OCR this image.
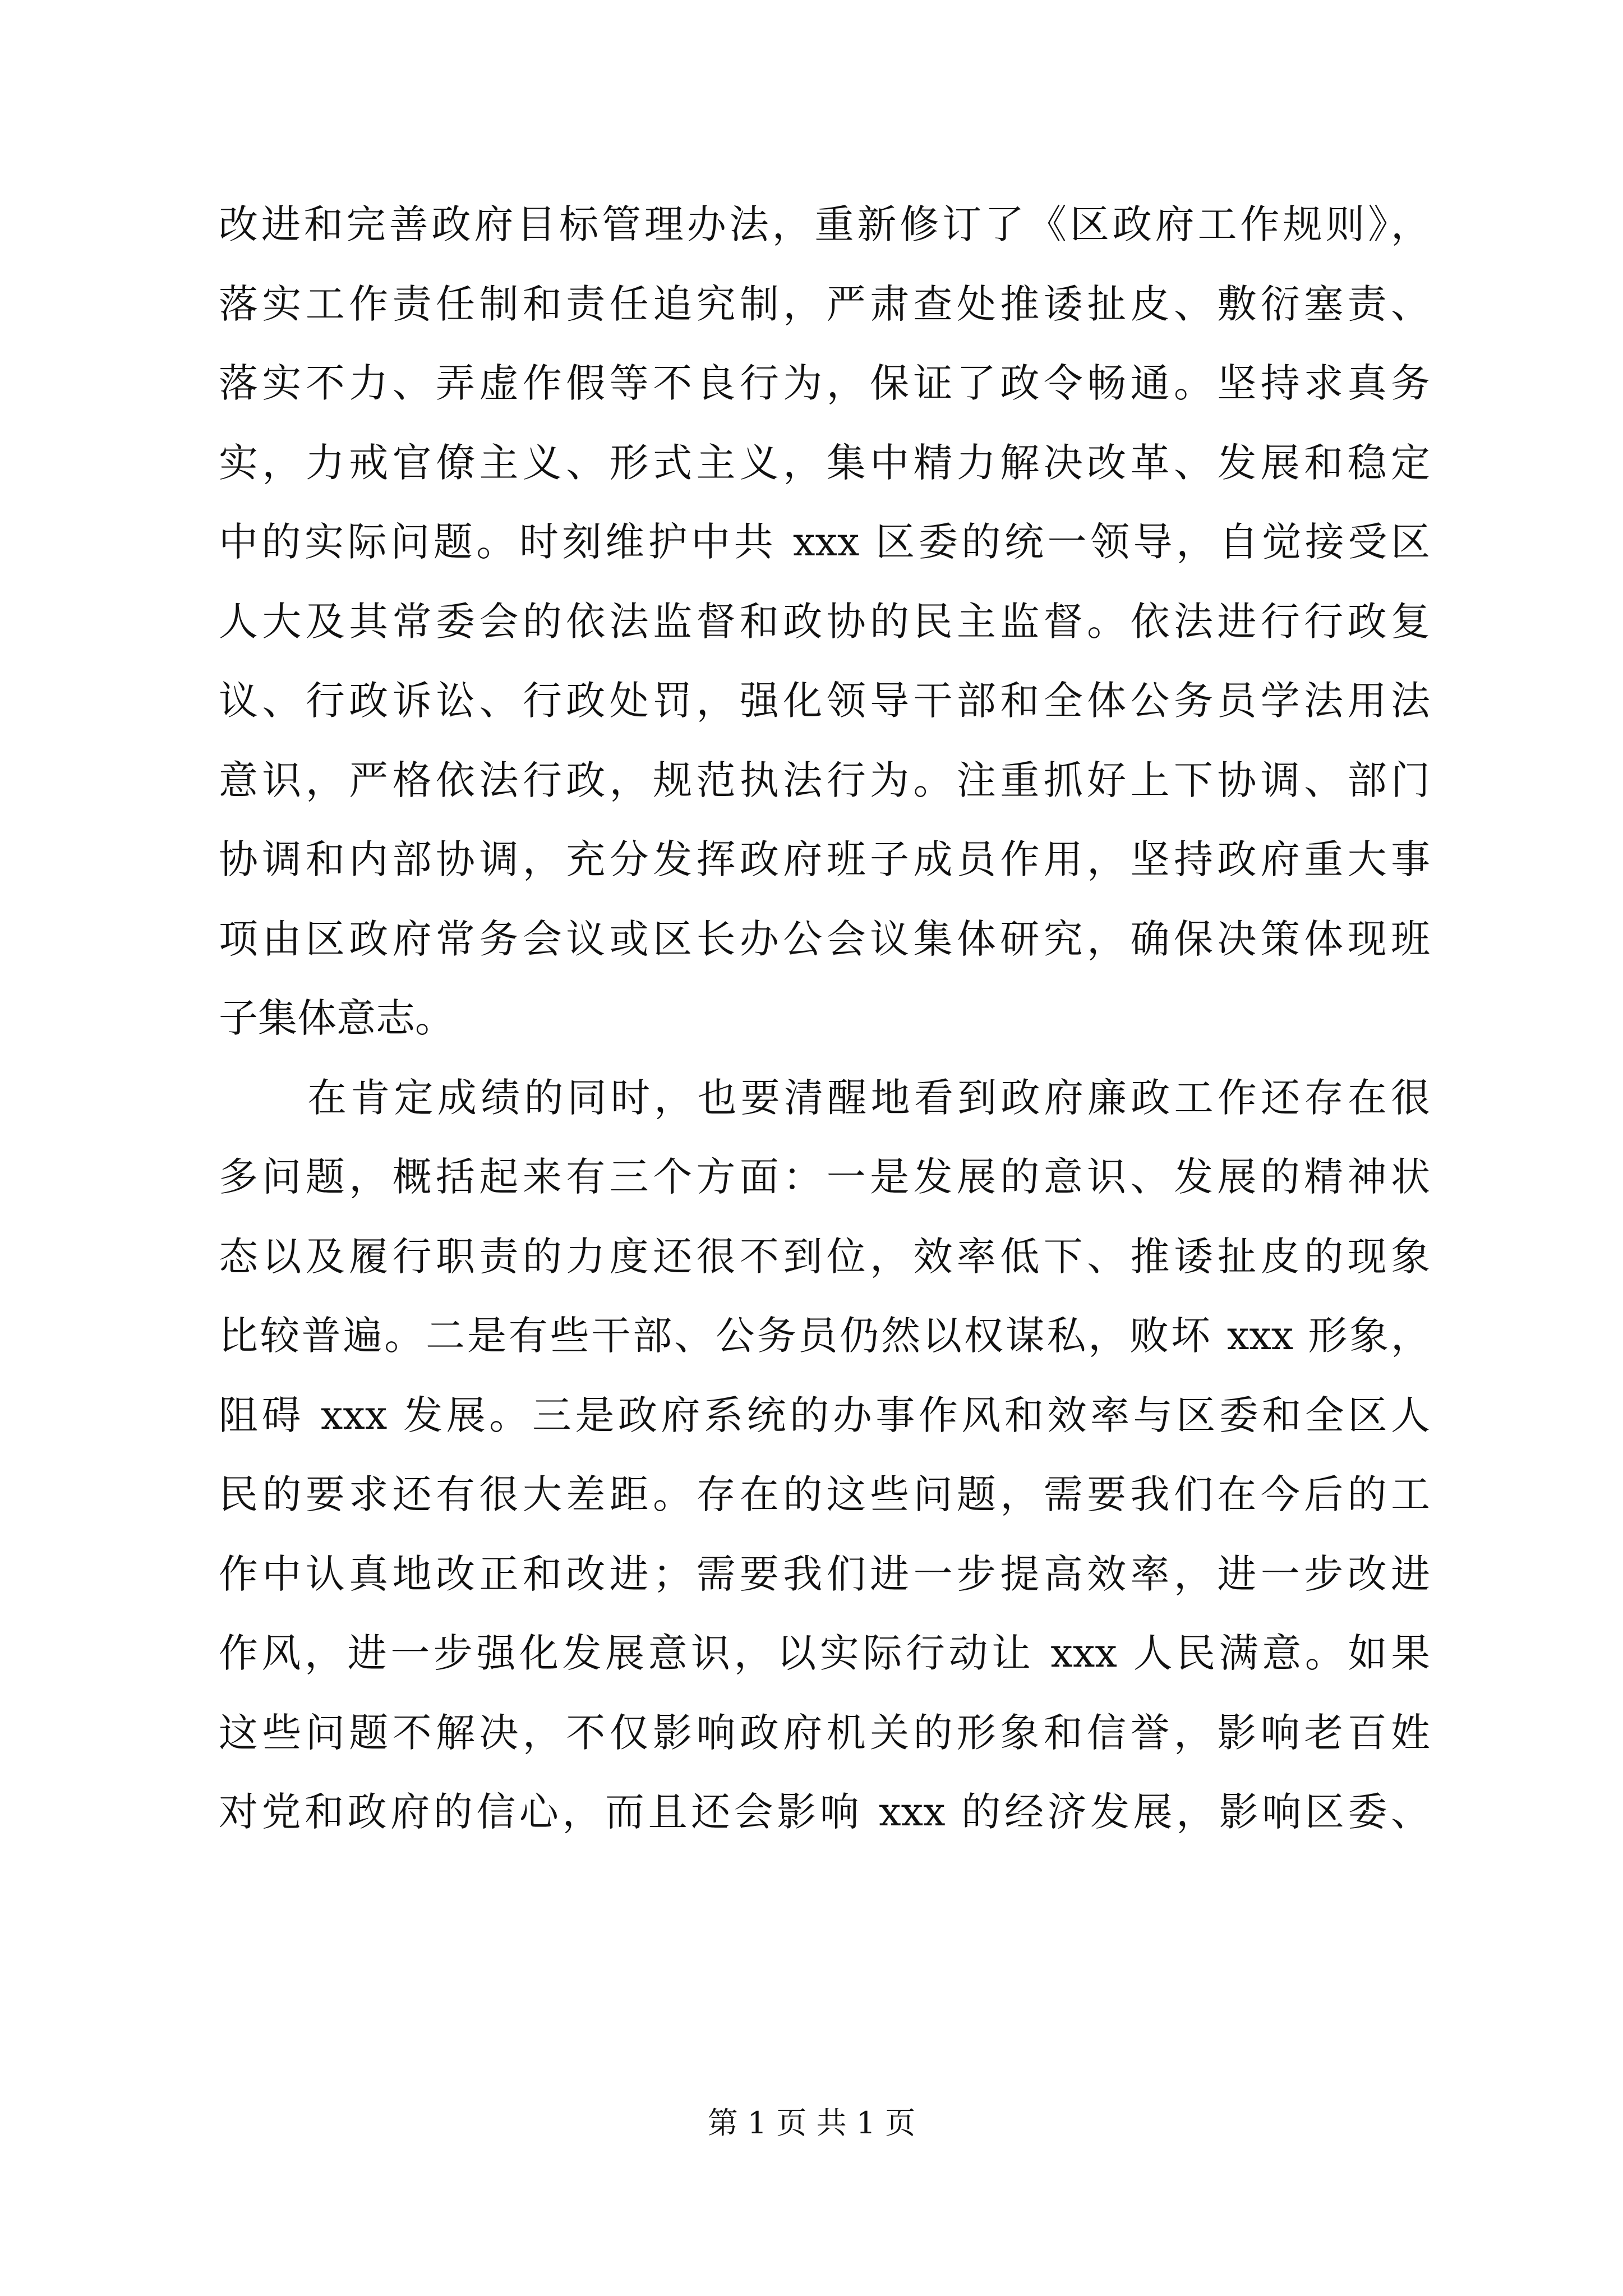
改进和完善政府目标管理办法，重新修订了《区政府工作规则》，
落实工作责任制和责任追究制，严肃查处推诿扯皮、敷衍塞责、
落实不力、弄虚作假等不良行为，保证了政令畅通。坚持求真务
实，力戒官僚主义、形式主义，集中精力解决改革、发展和稳定
中的实际问题。时刻维护中共 xxx 区委的统一领导，自觉接受区
人大及其常委会的依法监督和政协的民主监督。依法进行行政复
议、行政诉讼、行政处罚，强化领导干部和全体公务员学法用法
意识，严格依法行政，规范执法行为。注重抓好上下协调、部门
协调和内部协调，充分发挥政府班子成员作用，坚持政府重大事
项由区政府常务会议或区长办公会议集体研究，确保决策体现班
子集体意志。
在肯定成绩的同时，也要清醒地看到政府廉政工作还存在很
多问题，概括起来有三个方面：一是发展的意识、发展的精神状
态以及履行职责的力度还很不到位，效率低下、推诿扯皮的现象
比较普遍。二是有些干部、公务员仍然以权谋私，败坏 xxx 形象，
阻碍 xxx 发展。三是政府系统的办事作风和效率与区委和全区人
民的要求还有很大差距。存在的这些问题，需要我们在今后的工
作中认真地改正和改进；需要我们进一步提高效率，进一步改进
作风，进一步强化发展意识，以实际行动让 xxx 人民满意。如果
这些问题不解决，不仅影响政府机关的形象和信誉，影响老百姓
对党和政府的信心，而且还会影响 xxx 的经济发展，影响区委、
第 1 页 共 1 页
